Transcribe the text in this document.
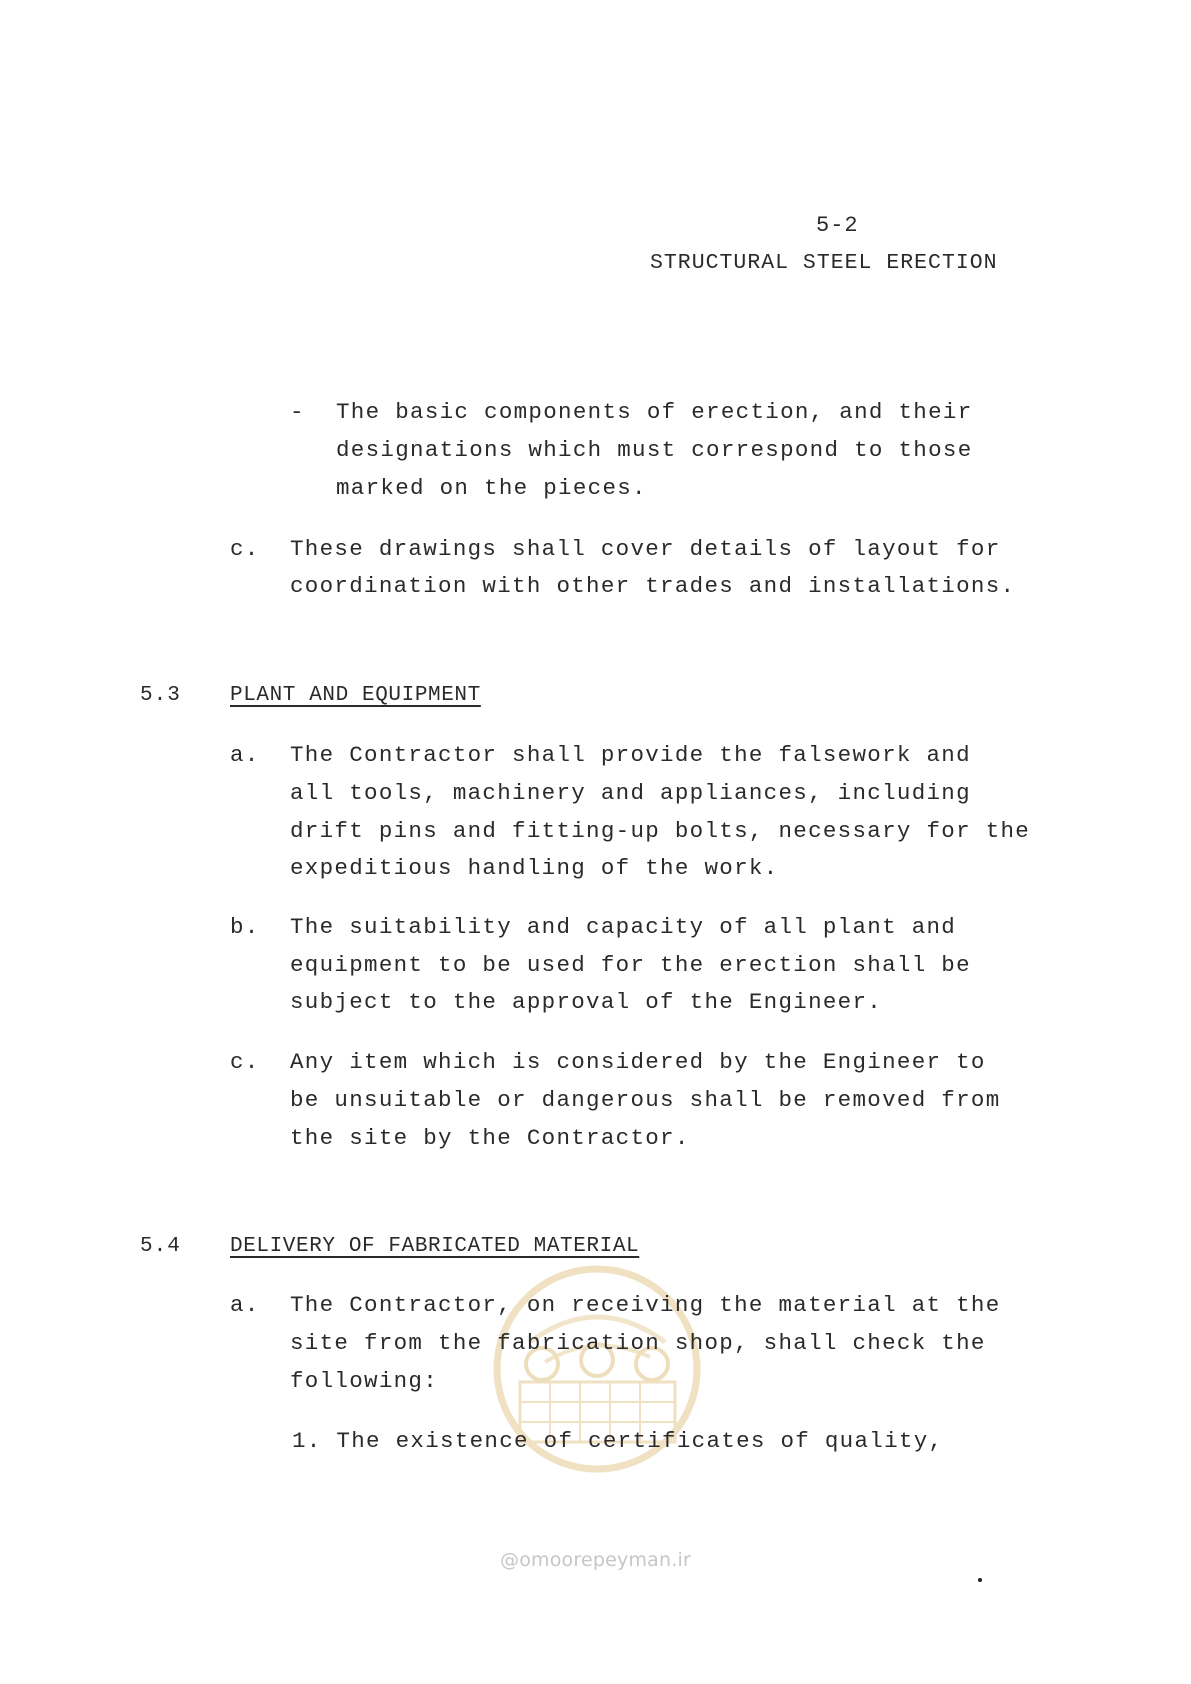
5-2
STRUCTURAL STEEL ERECTION
- The basic components of erection, and their
designations which must correspond to those
marked on the pieces.
c. These drawings shall cover details of layout for
coordination with other trades and installations.
5.3 PLANT AND EQUIPMENT
a. The Contractor shall provide the falsework and
all tools, machinery and appliances, including
drift pins and fitting-up bolts, necessary for the
expeditious handling of the work.
b. The suitability and capacity of all plant and
equipment to be used for the erection shall be
subject to the approval of the Engineer.
c. Any item which is considered by the Engineer to
be unsuitable or dangerous shall be removed from
the site by the Contractor.
5.4 DELIVERY OF FABRICATED MATERIAL
@omoorepeyman.ir
a. The Contractor, on receiving the material at the
site from the fabrication shop, shall check the
following:
1. The existence of certificates of quality,
